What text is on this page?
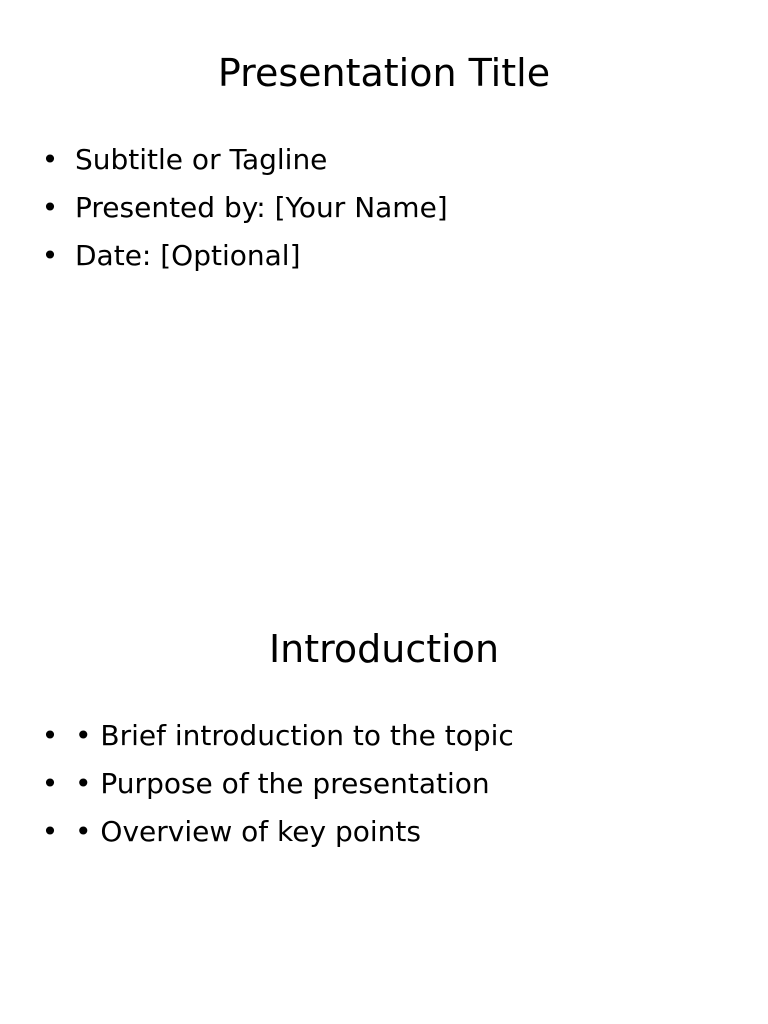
Presentation Title
• Subtitle or Tagline
• Presented by: [Your Name]
• Date: [Optional]
Introduction
• • Brief introduction to the topic
• • Purpose of the presentation
• • Overview of key points
